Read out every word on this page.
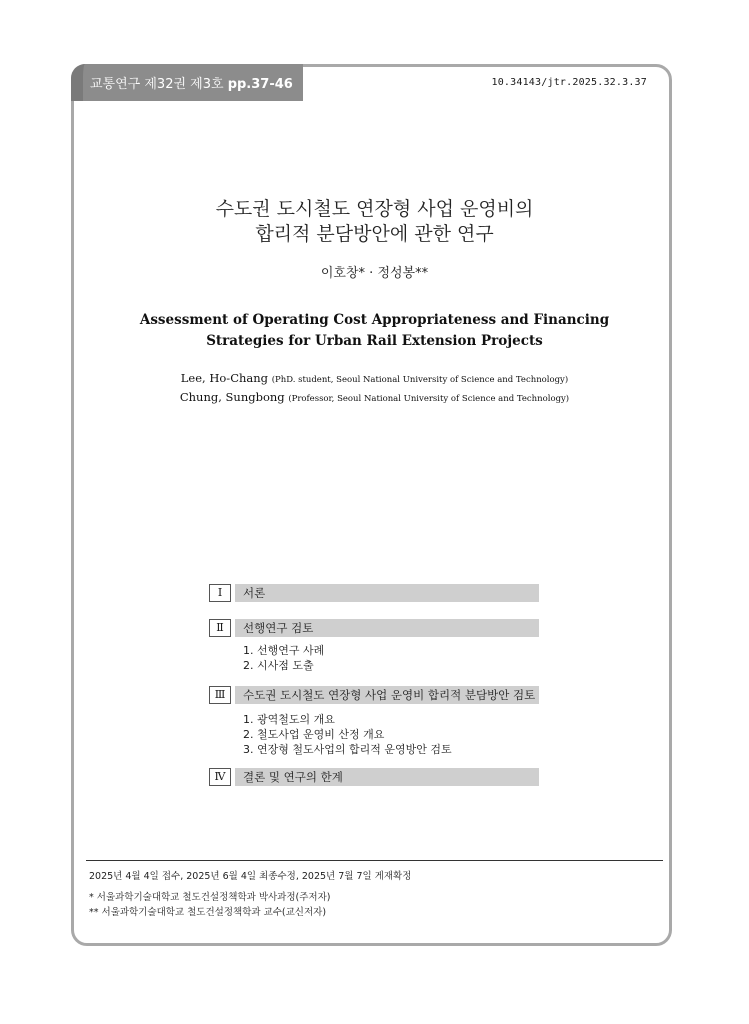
교통연구 제32권 제3호 pp.37-46	10.34143/jtr.2025.32.3.37
수도권 도시철도 연장형 사업 운영비의
합리적 분담방안에 관한 연구
이호창* · 정성봉**
Assessment of Operating Cost Appropriateness and Financing
Strategies for Urban Rail Extension Projects
Lee, Ho-Chang (PhD. student, Seoul National University of Science and Technology)
Chung, Sungbong (Professor, Seoul National University of Science and Technology)
Ⅰ	서론
Ⅱ	선행연구 검토
1. 선행연구 사례
2. 시사점 도출
Ⅲ	수도권 도시철도 연장형 사업 운영비 합리적 분담방안 검토
1. 광역철도의 개요
2. 철도사업 운영비 산정 개요
3. 연장형 철도사업의 합리적 운영방안 검토
Ⅳ	결론 및 연구의 한계
2025년 4월 4일 접수, 2025년 6월 4일 최종수정, 2025년 7월 7일 게재확정
* 서울과학기술대학교 철도건설정책학과 박사과정(주저자)
** 서울과학기술대학교 철도건설정책학과 교수(교신저자)
